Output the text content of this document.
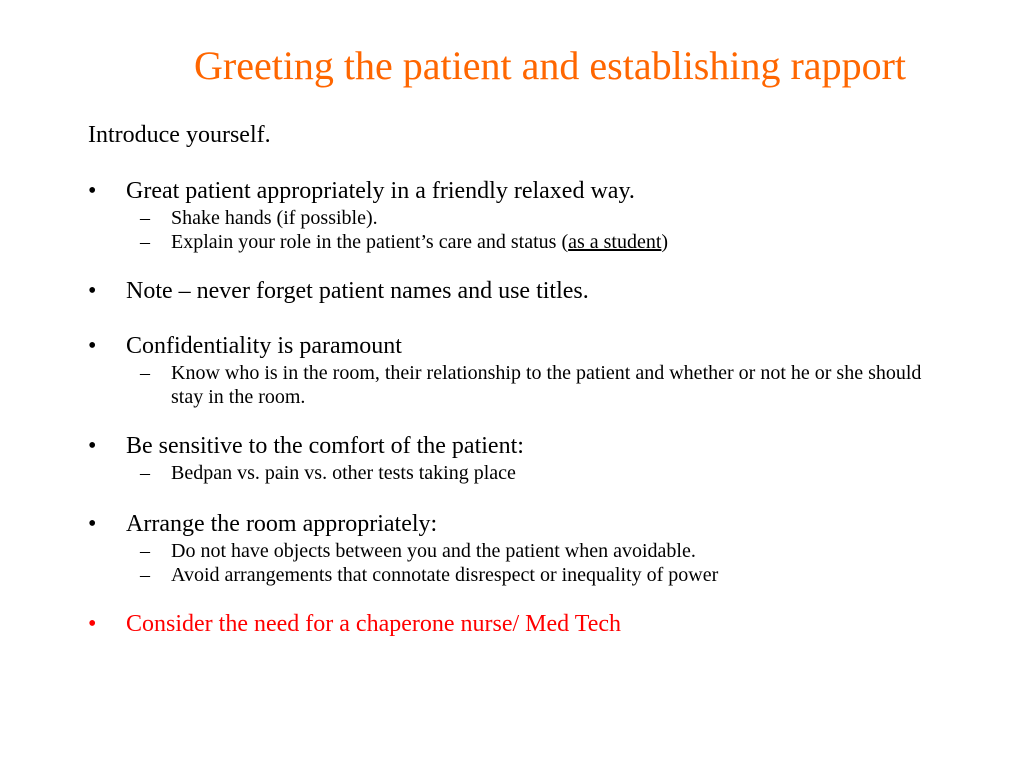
Greeting the patient and establishing rapport
Introduce yourself.
•	Great patient appropriately in a friendly relaxed way.
– Shake hands (if possible).
– Explain your role in the patient’s care and status (as a student)
•	Note – never forget patient names and use titles.
•	Confidentiality is paramount
– Know who is in the room, their relationship to the patient and whether or not he or she should stay in the room.
•	Be sensitive to the comfort of the patient:
– Bedpan vs. pain vs. other tests taking place
•	Arrange the room appropriately:
– Do not have objects between you and the patient when avoidable.
– Avoid arrangements that connotate disrespect or inequality of power
•	Consider the need for a chaperone nurse/ Med Tech
